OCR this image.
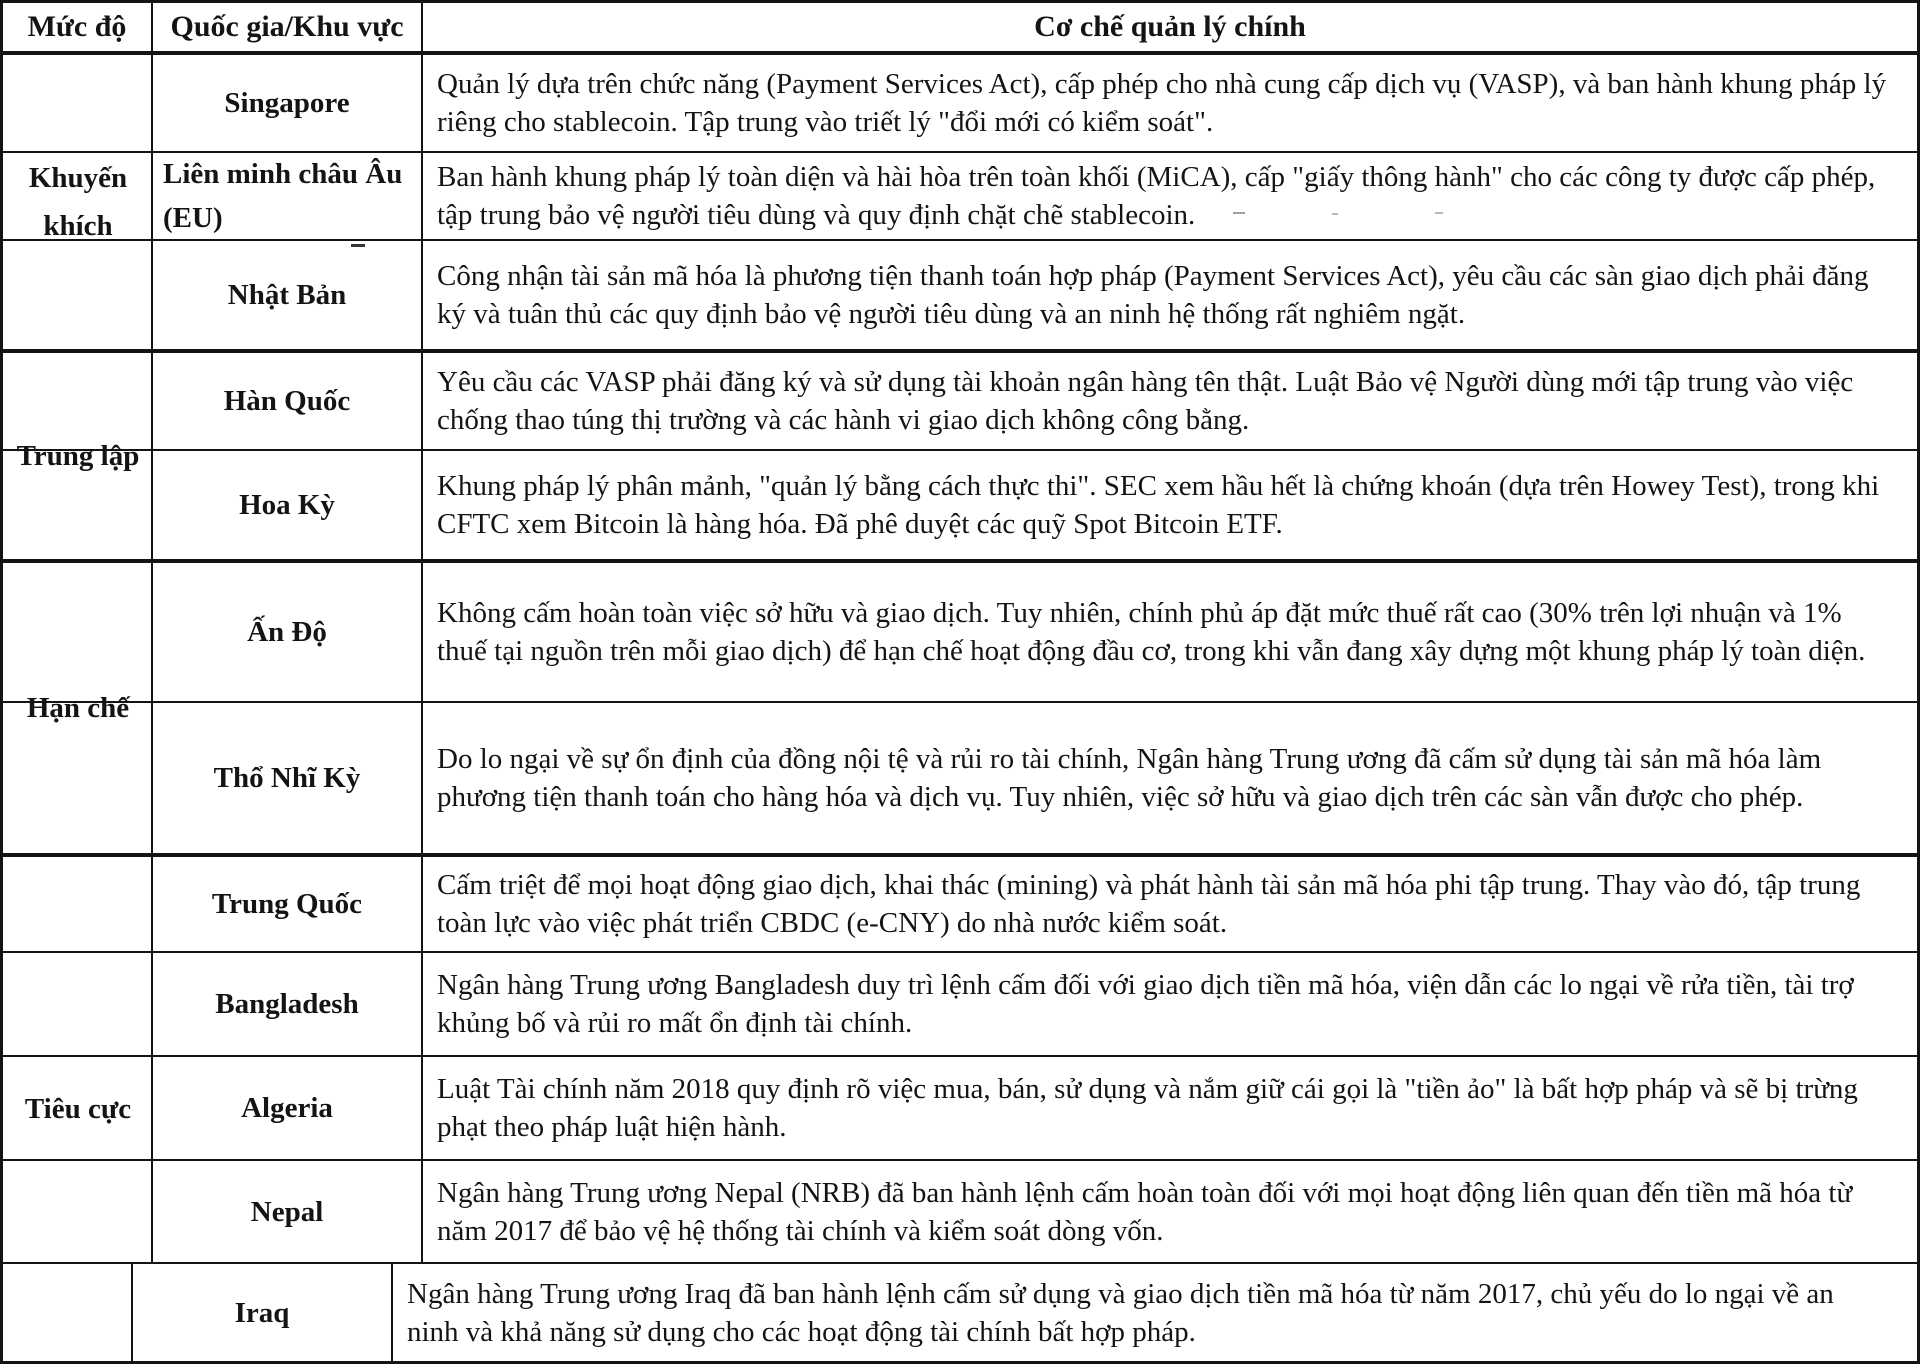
Mức độ	Quốc gia/Khu vực	Cơ chế quản lý chính
Khuyến khích
Singapore
Quản lý dựa trên chức năng (Payment Services Act), cấp phép cho nhà cung cấp dịch vụ (VASP), và ban hành khung pháp lý riêng cho stablecoin. Tập trung vào triết lý "đổi mới có kiểm soát".
Liên minh châu Âu (EU)
Ban hành khung pháp lý toàn diện và hài hòa trên toàn khối (MiCA), cấp "giấy thông hành" cho các công ty được cấp phép, tập trung bảo vệ người tiêu dùng và quy định chặt chẽ stablecoin.
Nhật Bản
Công nhận tài sản mã hóa là phương tiện thanh toán hợp pháp (Payment Services Act), yêu cầu các sàn giao dịch phải đăng ký và tuân thủ các quy định bảo vệ người tiêu dùng và an ninh hệ thống rất nghiêm ngặt.
Trung lập
Hàn Quốc
Yêu cầu các VASP phải đăng ký và sử dụng tài khoản ngân hàng tên thật. Luật Bảo vệ Người dùng mới tập trung vào việc chống thao túng thị trường và các hành vi giao dịch không công bằng.
Hoa Kỳ
Khung pháp lý phân mảnh, "quản lý bằng cách thực thi". SEC xem hầu hết là chứng khoán (dựa trên Howey Test), trong khi CFTC xem Bitcoin là hàng hóa. Đã phê duyệt các quỹ Spot Bitcoin ETF.
Hạn chế
Ấn Độ
Không cấm hoàn toàn việc sở hữu và giao dịch. Tuy nhiên, chính phủ áp đặt mức thuế rất cao (30% trên lợi nhuận và 1% thuế tại nguồn trên mỗi giao dịch) để hạn chế hoạt động đầu cơ, trong khi vẫn đang xây dựng một khung pháp lý toàn diện.
Thổ Nhĩ Kỳ
Do lo ngại về sự ổn định của đồng nội tệ và rủi ro tài chính, Ngân hàng Trung ương đã cấm sử dụng tài sản mã hóa làm phương tiện thanh toán cho hàng hóa và dịch vụ. Tuy nhiên, việc sở hữu và giao dịch trên các sàn vẫn được cho phép.
Tiêu cực
Trung Quốc
Cấm triệt để mọi hoạt động giao dịch, khai thác (mining) và phát hành tài sản mã hóa phi tập trung. Thay vào đó, tập trung toàn lực vào việc phát triển CBDC (e-CNY) do nhà nước kiểm soát.
Bangladesh
Ngân hàng Trung ương Bangladesh duy trì lệnh cấm đối với giao dịch tiền mã hóa, viện dẫn các lo ngại về rửa tiền, tài trợ khủng bố và rủi ro mất ổn định tài chính.
Algeria
Luật Tài chính năm 2018 quy định rõ việc mua, bán, sử dụng và nắm giữ cái gọi là "tiền ảo" là bất hợp pháp và sẽ bị trừng phạt theo pháp luật hiện hành.
Nepal
Ngân hàng Trung ương Nepal (NRB) đã ban hành lệnh cấm hoàn toàn đối với mọi hoạt động liên quan đến tiền mã hóa từ năm 2017 để bảo vệ hệ thống tài chính và kiểm soát dòng vốn.
Iraq
Ngân hàng Trung ương Iraq đã ban hành lệnh cấm sử dụng và giao dịch tiền mã hóa từ năm 2017, chủ yếu do lo ngại về an ninh và khả năng sử dụng cho các hoạt động tài chính bất hợp pháp.
